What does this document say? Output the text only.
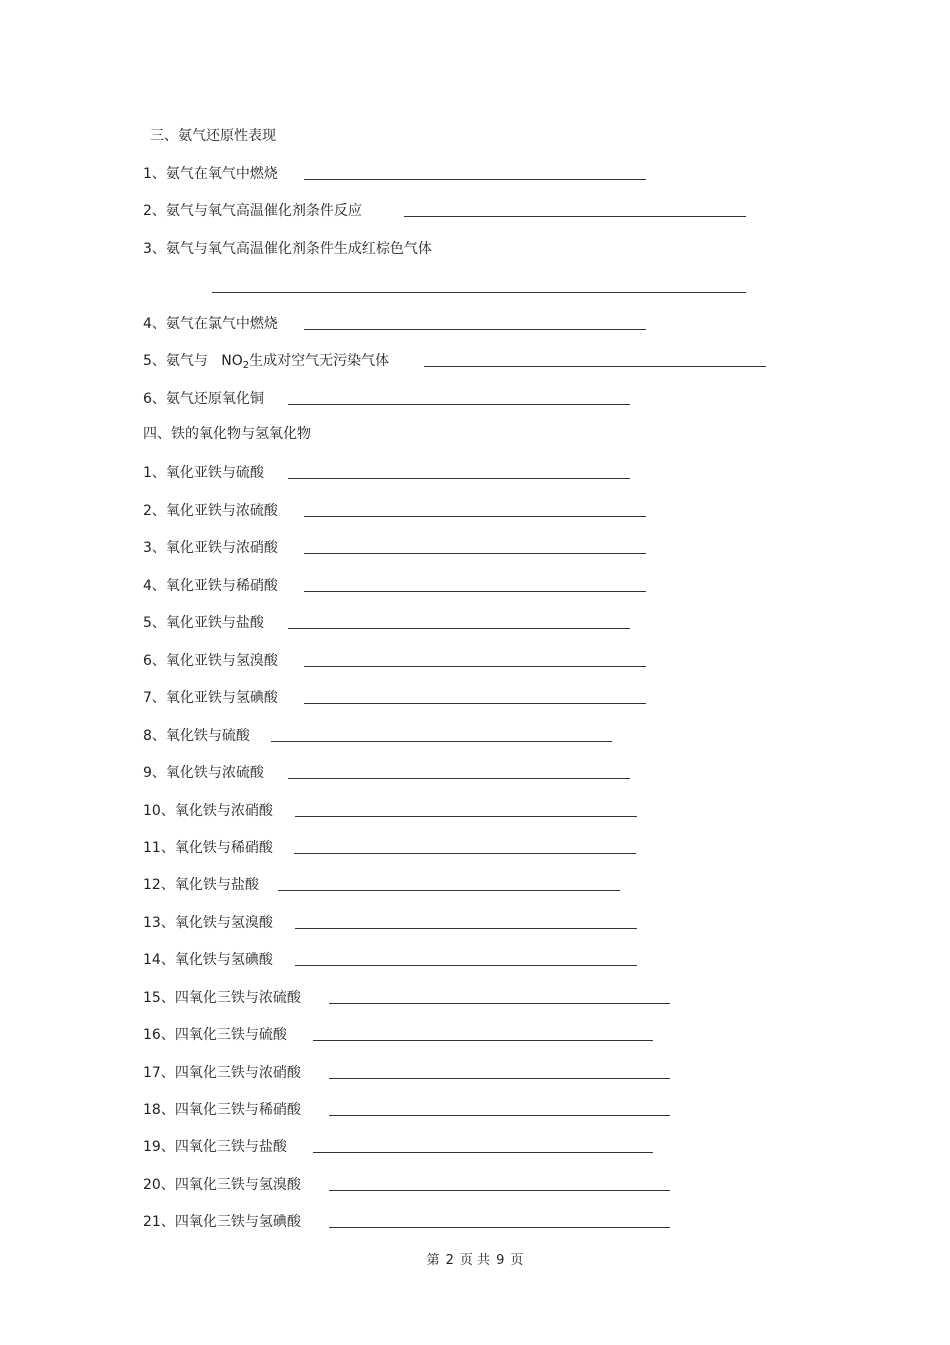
三、氨气还原性表现
1、氨气在氧气中燃烧
2、氨气与氧气高温催化剂条件反应
3、氨气与氧气高温催化剂条件生成红棕色气体
4、氨气在氯气中燃烧
5、氨气与 $NO_2$生成对空气无污染气体
6、氨气还原氧化铜
四、铁的氧化物与氢氧化物
1、氧化亚铁与硫酸
2、氧化亚铁与浓硫酸
3、氧化亚铁与浓硝酸
4、氧化亚铁与稀硝酸
5、氧化亚铁与盐酸
6、氧化亚铁与氢溴酸
7、氧化亚铁与氢碘酸
8、氧化铁与硫酸
9、氧化铁与浓硫酸
10、氧化铁与浓硝酸
11、氧化铁与稀硝酸
12、氧化铁与盐酸
13、氧化铁与氢溴酸
14、氧化铁与氢碘酸
15、四氧化三铁与浓硫酸
16、四氧化三铁与硫酸
17、四氧化三铁与浓硝酸
18、四氧化三铁与稀硝酸
19、四氧化三铁与盐酸
20、四氧化三铁与氢溴酸
21、四氧化三铁与氢碘酸
第 2 页 共 9 页
